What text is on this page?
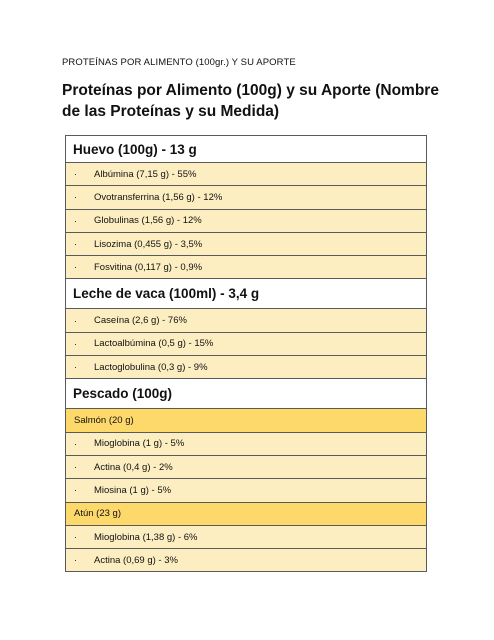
PROTEÍNAS POR ALIMENTO (100gr.) Y SU APORTE
Proteínas por Alimento (100g) y su Aporte (Nombre de las Proteínas y su Medida)
Huevo (100g) - 13 g
·	Albúmina (7,15 g) - 55%
·	Ovotransferrina (1,56 g) - 12%
·	Globulinas (1,56 g) - 12%
·	Lisozima (0,455 g) - 3,5%
·	Fosvitina (0,117 g) - 0,9%
Leche de vaca (100ml) - 3,4 g
·	Caseína (2,6 g) - 76%
·	Lactoalbúmina (0,5 g) - 15%
·	Lactoglobulina (0,3 g) - 9%
Pescado (100g)
Salmón (20 g)
·	Mioglobina (1 g) - 5%
·	Actina (0,4 g) - 2%
·	Miosina (1 g) - 5%
Atún (23 g)
·	Mioglobina (1,38 g) - 6%
·	Actina (0,69 g) - 3%
